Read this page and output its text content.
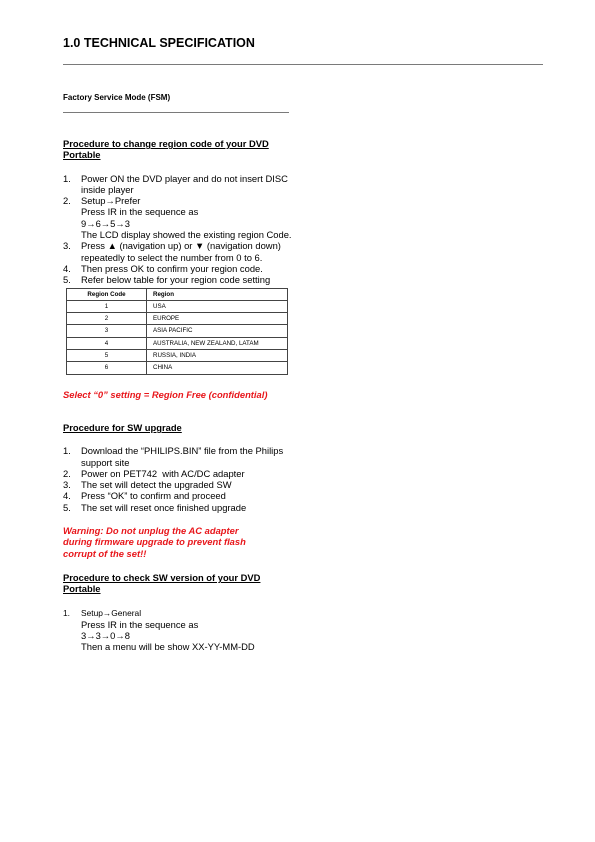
1.0 TECHNICAL SPECIFICATION
Factory Service Mode (FSM)
Procedure to change region code of your DVD Portable
1. Power ON the DVD player and do not insert DISC inside player
2. Setup→Prefer
Press IR in the sequence as
9→6→5→3
The LCD display showed the existing region Code.
3. Press ▲ (navigation up) or ▼ (navigation down) repeatedly to select the number from 0 to 6.
4. Then press OK to confirm your region code.
5. Refer below table for your region code setting
Region Code	Region
1	USA
2	EUROPE
3	ASIA PACIFIC
4	AUSTRALIA, NEW ZEALAND, LATAM
5	RUSSIA, INDIA
6	CHINA
Select “0” setting = Region Free (confidential)
Procedure for SW upgrade
1. Download the “PHILIPS.BIN” file from the Philips support site
2. Power on PET742  with AC/DC adapter
3. The set will detect the upgraded SW
4. Press “OK” to confirm and proceed
5. The set will reset once finished upgrade
Warning: Do not unplug the AC adapter during firmware upgrade to prevent flash corrupt of the set!!
Procedure to check SW version of your DVD Portable
1. Setup→General
Press IR in the sequence as
3→3→0→8
Then a menu will be show XX-YY-MM-DD
